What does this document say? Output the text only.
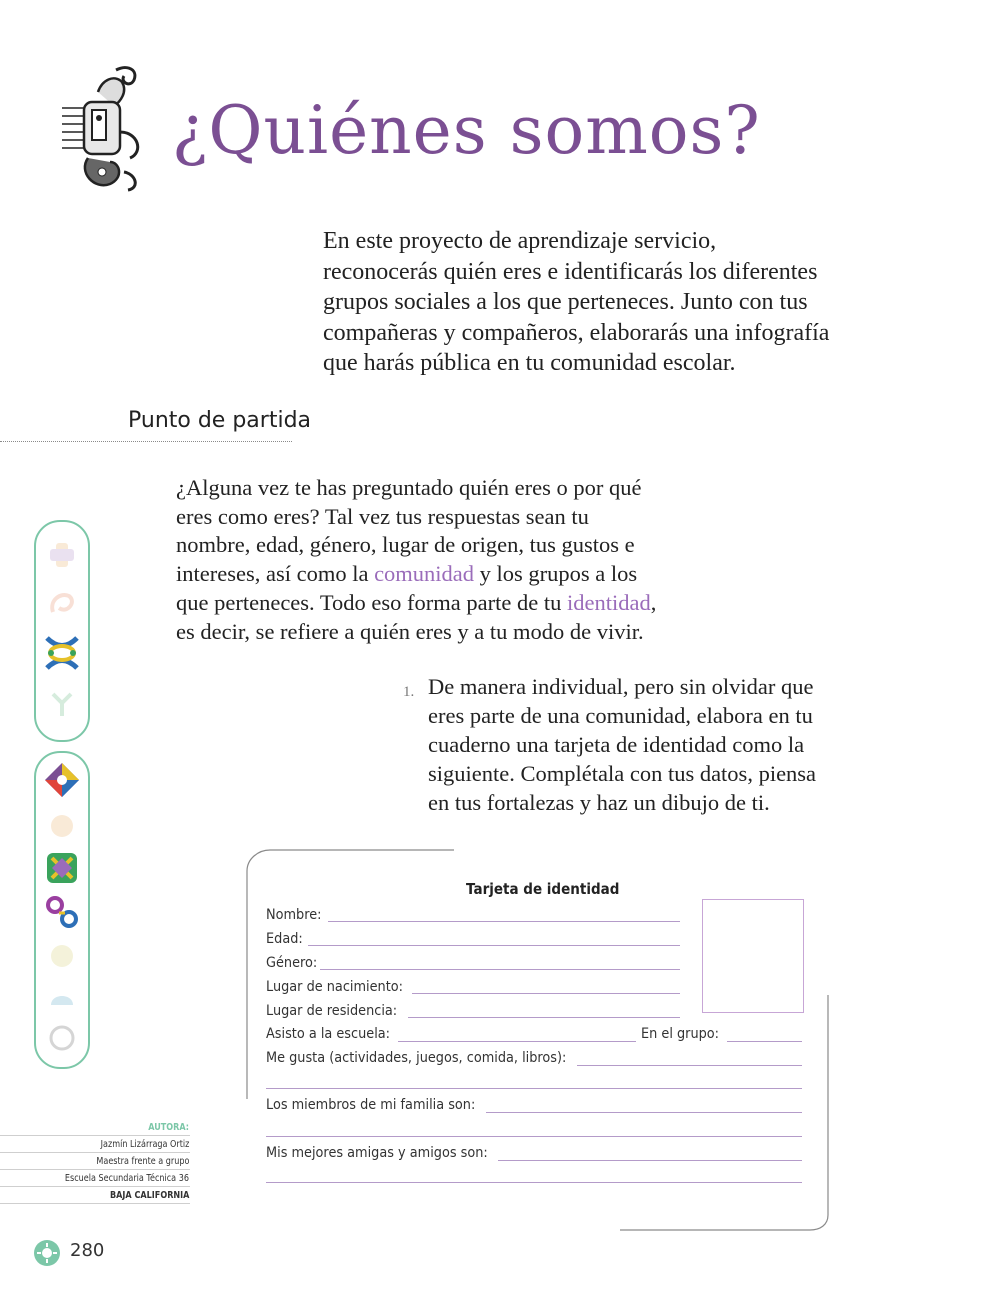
¿Quiénes somos?
En este proyecto de aprendizaje servicio, reconocerás quién eres e identificarás los diferentes grupos sociales a los que perteneces. Junto con tus compañeras y compañeros, elaborarás una infografía que harás pública en tu comunidad escolar.
Punto de partida
¿Alguna vez te has preguntado quién eres o por qué eres como eres? Tal vez tus respuestas sean tu nombre, edad, género, lugar de origen, tus gustos e intereses, así como la comunidad y los grupos a los que perteneces. Todo eso forma parte de tu identidad, es decir, se refiere a quién eres y a tu modo de vivir.
1. De manera individual, pero sin olvidar que eres parte de una comunidad, elabora en tu cuaderno una tarjeta de identidad como la siguiente. Complétala con tus datos, piensa en tus fortalezas y haz un dibujo de ti.
Tarjeta de identidad
Nombre:
Edad:
Género:
Lugar de nacimiento:
Lugar de residencia:
Asisto a la escuela:	En el grupo:
Me gusta (actividades, juegos, comida, libros):
Los miembros de mi familia son:
Mis mejores amigas y amigos son:
AUTORA:
Jazmín Lizárraga Ortiz
Maestra frente a grupo
Escuela Secundaria Técnica 36
BAJA CALIFORNIA
280
